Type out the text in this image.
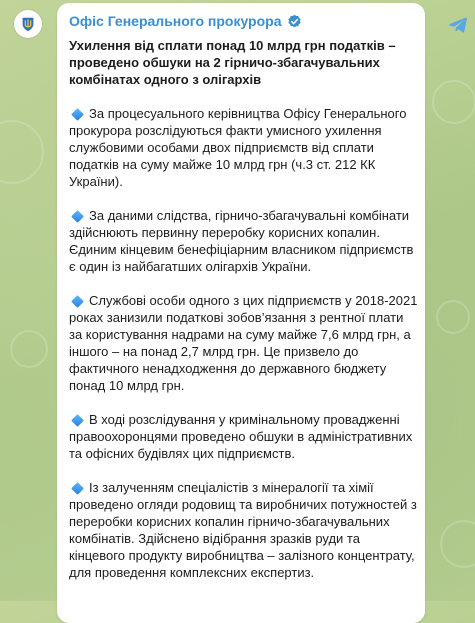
Офіс Генерального прокурора

Ухилення від сплати понад 10 млрд грн податків – проведено обшуки на 2 гірничо-збагачувальних комбінатах одного з олігархів

За процесуального керівництва Офісу Генерального прокурора розслідуються факти умисного ухилення службовими особами двох підприємств від сплати податків на суму майже 10 млрд грн (ч.3 ст. 212 КК України).

За даними слідства, гірничо-збагачувальні комбінати здійснюють первинну переробку корисних копалин. Єдиним кінцевим бенефіціарним власником підприємств є один із найбагатших олігархів України.

Службові особи одного з цих підприємств у 2018-2021 роках занизили податкові зобов’язання з рентної плати за користування надрами на суму майже 7,6 млрд грн, а іншого – на понад 2,7 млрд грн. Це призвело до фактичного ненадходження до державного бюджету понад 10 млрд грн.

В ході розслідування у кримінальному провадженні правоохоронцями проведено обшуки в адміністративних та офісних будівлях цих підприємств.

Із залученням спеціалістів з мінералогії та хімії проведено огляди родовищ та виробничих потужностей з переробки корисних копалин гірничо-збагачувальних комбінатів. Здійснено відібрання зразків руди та кінцевого продукту виробництва – залізного концентрату, для проведення комплексних експертиз.
